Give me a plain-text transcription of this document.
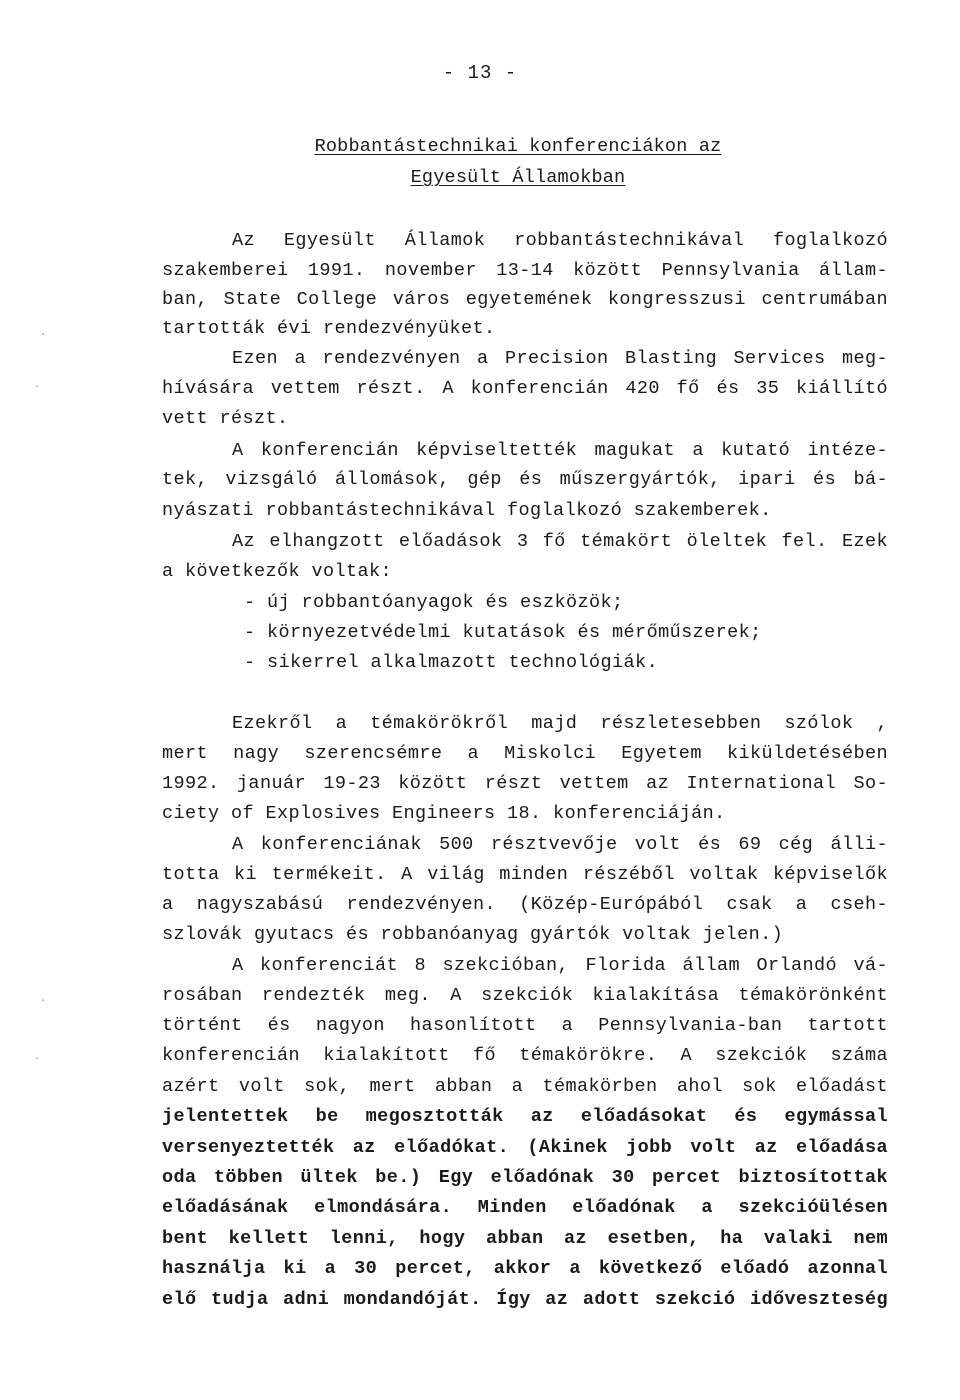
- 13 -
Robbantástechnikai konferenciákon az
Egyesült Államokban
Az Egyesült Államok robbantástechnikával foglalkozó
szakemberei 1991. november 13-14 között Pennsylvania állam-
ban, State College város egyetemének kongresszusi centrumában
tartották évi rendezvényüket.
Ezen a rendezvényen a Precision Blasting Services meg-
hívására vettem részt. A konferencián 420 fő és 35 kiállító
vett részt.
A konferencián képviseltették magukat a kutató intéze-
tek, vizsgáló állomások, gép és műszergyártók, ipari és bá-
nyászati robbantástechnikával foglalkozó szakemberek.
Az elhangzott előadások 3 fő témakört öleltek fel. Ezek
a következők voltak:
- új robbantóanyagok és eszközök;
- környezetvédelmi kutatások és mérőműszerek;
- sikerrel alkalmazott technológiák.
Ezekről a témakörökről majd részletesebben szólok ,
mert nagy szerencsémre a Miskolci Egyetem kiküldetésében
1992. január 19-23 között részt vettem az International So-
ciety of Explosives Engineers 18. konferenciáján.
A konferenciának 500 résztvevője volt és 69 cég álli-
totta ki termékeit. A világ minden részéből voltak képviselők
a nagyszabású rendezvényen. (Közép-Európából csak a cseh-
szlovák gyutacs és robbanóanyag gyártók voltak jelen.)
A konferenciát 8 szekcióban, Florida állam Orlandó vá-
rosában rendezték meg. A szekciók kialakítása témakörönként
történt és nagyon hasonlított a Pennsylvania-ban tartott
konferencián kialakított fő témakörökre. A szekciók száma
azért volt sok, mert abban a témakörben ahol sok előadást
jelentettek be megosztották az előadásokat és egymással
versenyeztették az előadókat. (Akinek jobb volt az előadása
oda többen ültek be.) Egy előadónak 30 percet biztosítottak
előadásának elmondására. Minden előadónak a szekcióülésen
bent kellett lenni, hogy abban az esetben, ha valaki nem
használja ki a 30 percet, akkor a következő előadó azonnal
elő tudja adni mondandóját. Így az adott szekció időveszteség
·
·
·
·
